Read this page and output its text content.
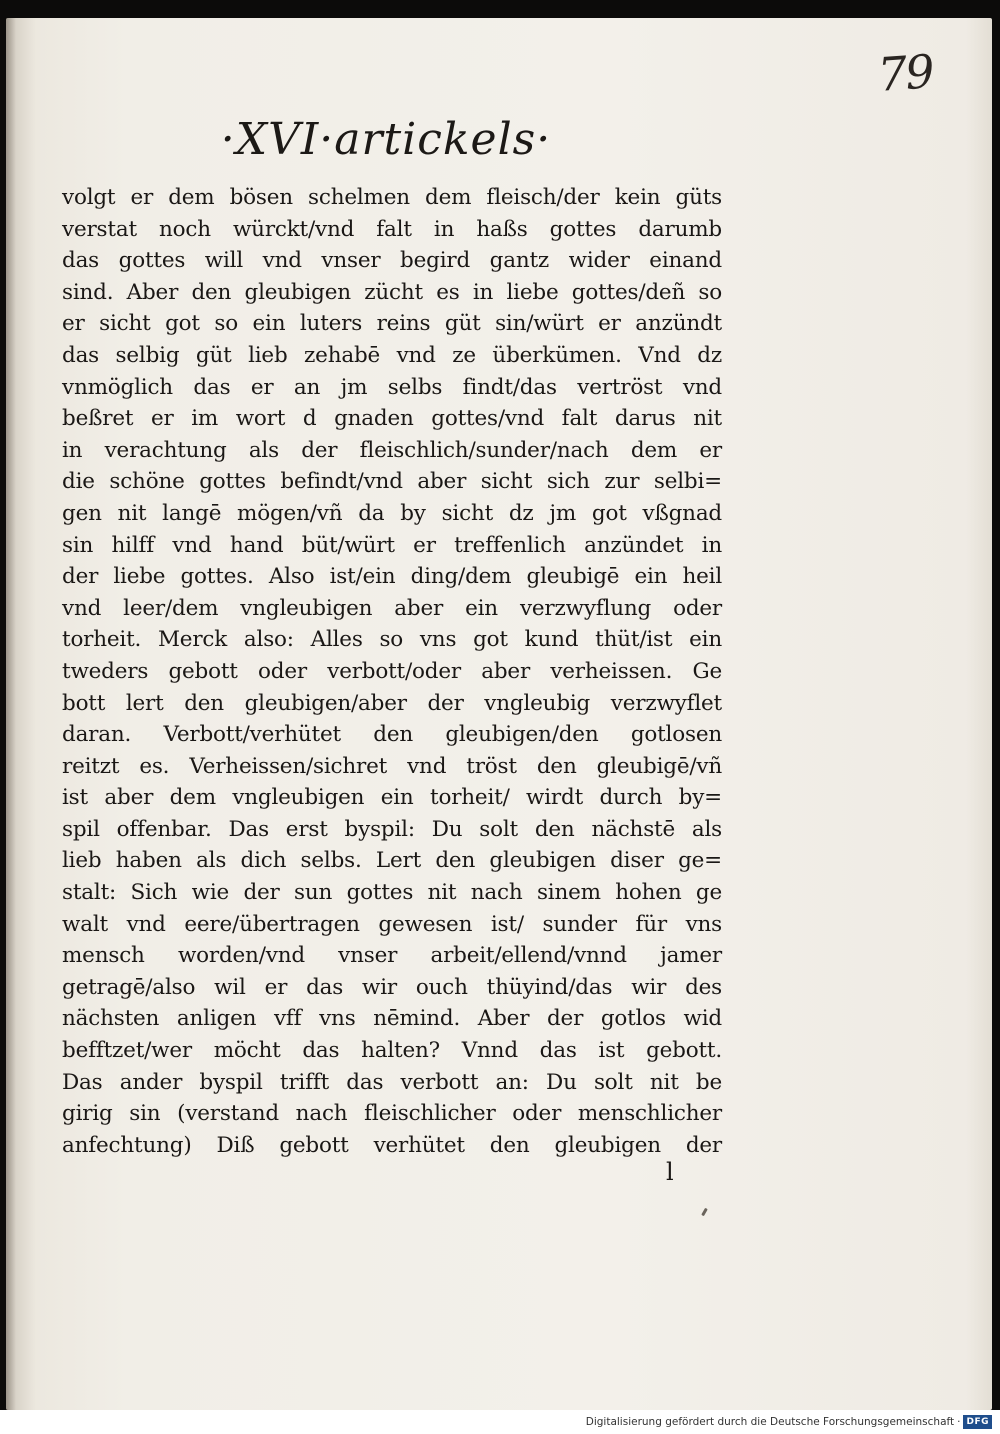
79
·XVI·artickels·
volgt er dem bösen schelmen dem fleisch/der kein güts
verstat noch würckt/vnd falt in haßs gottes darumb
das gottes will vnd vnser begird gantz wider einand
sind. Aber den gleubigen zücht es in liebe gottes/deñ so
er sicht got so ein luters reins güt sin/würt er anzündt
das selbig güt lieb zehabē vnd ze überkümen. Vnd dz
vnmöglich das er an jm selbs findt/das vertröst vnd
beßret er im wort d gnaden gottes/vnd falt darus nit
in verachtung als der fleischlich/sunder/nach dem er
die schöne gottes befindt/vnd aber sicht sich zur selbi=
gen nit langē mögen/vñ da by sicht dz jm got vßgnad
sin hilff vnd hand büt/würt er treffenlich anzündet in
der liebe gottes. Also ist/ein ding/dem gleubigē ein heil
vnd leer/dem vngleubigen aber ein verzwyflung oder
torheit. Merck also: Alles so vns got kund thüt/ist ein
tweders gebott oder verbott/oder aber verheissen. Ge
bott lert den gleubigen/aber der vngleubig verzwyflet
daran. Verbott/verhütet den gleubigen/den gotlosen
reitzt es. Verheissen/sichret vnd tröst den gleubigē/vñ
ist aber dem vngleubigen ein torheit/ wirdt durch by=
spil offenbar. Das erst byspil: Du solt den nächstē als
lieb haben als dich selbs. Lert den gleubigen diser ge=
stalt: Sich wie der sun gottes nit nach sinem hohen ge
walt vnd eere/übertragen gewesen ist/ sunder für vns
mensch worden/vnd vnser arbeit/ellend/vnnd jamer
getragē/also wil er das wir ouch thüyind/das wir des
nächsten anligen vff vns nēmind. Aber der gotlos wid
befftzet/wer möcht das halten? Vnnd das ist gebott.
Das ander byspil trifft das verbott an: Du solt nit be
girig sin (verstand nach fleischlicher oder menschlicher
anfechtung) Diß gebott verhütet den gleubigen der
l
Digitalisierung gefördert durch die Deutsche Forschungsgemeinschaft · DFG
